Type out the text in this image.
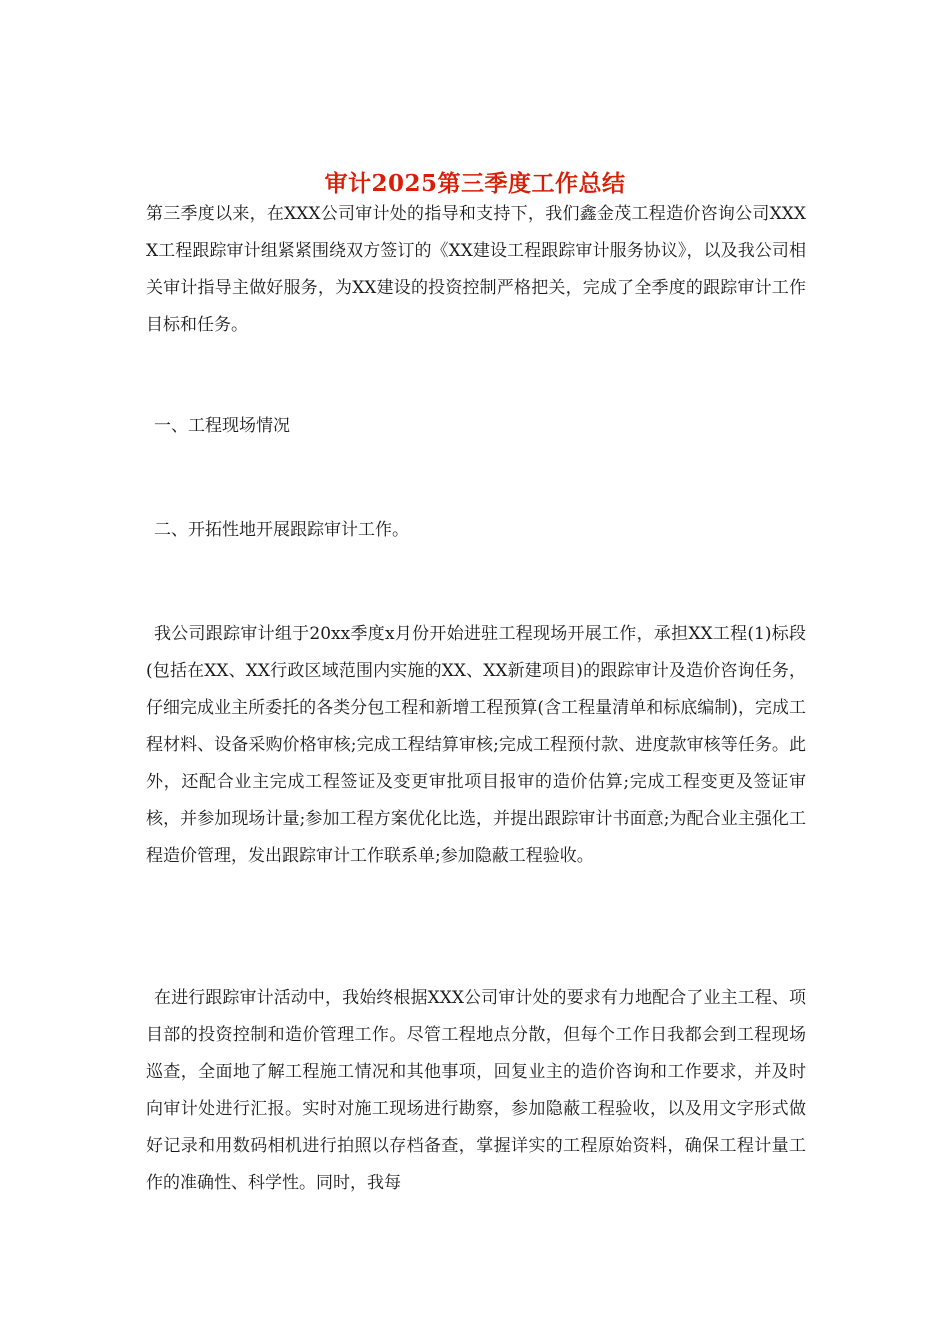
审计2025第三季度工作总结

第三季度以来，在XXX公司审计处的指导和支持下，我们鑫金茂工程造价咨询公司XXXX工程跟踪审计组紧紧围绕双方签订的《XX建设工程跟踪审计服务协议》，以及我公司相关审计指导主做好服务，为XX建设的投资控制严格把关，完成了全季度的跟踪审计工作目标和任务。

一、工程现场情况

二、开拓性地开展跟踪审计工作。

我公司跟踪审计组于20xx季度x月份开始进驻工程现场开展工作，承担XX工程(1)标段(包括在XX、XX行政区域范围内实施的XX、XX新建项目)的跟踪审计及造价咨询任务，仔细完成业主所委托的各类分包工程和新增工程预算(含工程量清单和标底编制)，完成工程材料、设备采购价格审核;完成工程结算审核;完成工程预付款、进度款审核等任务。此外，还配合业主完成工程签证及变更审批项目报审的造价估算;完成工程变更及签证审核，并参加现场计量;参加工程方案优化比选，并提出跟踪审计书面意;为配合业主强化工程造价管理，发出跟踪审计工作联系单;参加隐蔽工程验收。

在进行跟踪审计活动中，我始终根据XXX公司审计处的要求有力地配合了业主工程、项目部的投资控制和造价管理工作。尽管工程地点分散，但每个工作日我都会到工程现场巡查，全面地了解工程施工情况和其他事项，回复业主的造价咨询和工作要求，并及时向审计处进行汇报。实时对施工现场进行勘察，参加隐蔽工程验收，以及用文字形式做好记录和用数码相机进行拍照以存档备查，掌握详实的工程原始资料，确保工程计量工作的准确性、科学性。同时，我每
